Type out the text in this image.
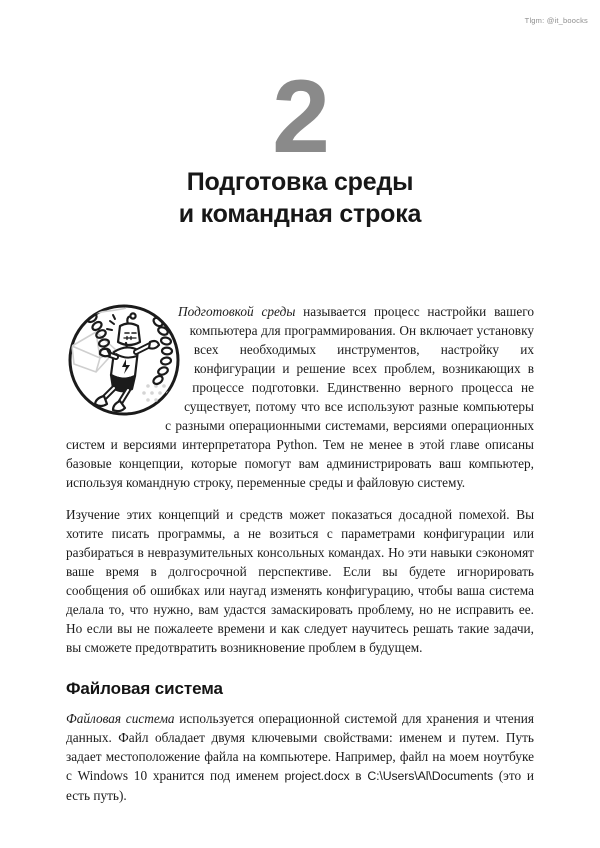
Tlgm: @it_boocks
2
Подготовка среды
и командная строка

Подготовкой среды называется процесс настройки вашего компьютера для программирования. Он включает установку всех необходимых инструментов, настройку их конфигурации и решение всех проблем, возникающих в процессе подготовки. Единственно верного процесса не существует, потому что все используют разные компьютеры с разными операционными системами, версиями операционных систем и версиями интерпретатора Python. Тем не менее в этой главе описаны базовые концепции, которые помогут вам администрировать ваш компьютер, используя командную строку, переменные среды и файловую систему.

Изучение этих концепций и средств может показаться досадной помехой. Вы хотите писать программы, а не возиться с параметрами конфигурации или разбираться в невразумительных консольных командах. Но эти навыки сэкономят ваше время в долгосрочной перспективе. Если вы будете игнорировать сообщения об ошибках или наугад изменять конфигурацию, чтобы ваша система делала то, что нужно, вам удастся замаскировать проблему, но не исправить ее. Но если вы не пожалеете времени и как следует научитесь решать такие задачи, вы сможете предотвратить возникновение проблем в будущем.

Файловая система

Файловая система используется операционной системой для хранения и чтения данных. Файл обладает двумя ключевыми свойствами: именем и путем. Путь задает местоположение файла на компьютере. Например, файл на моем ноутбуке с Windows 10 хранится под именем project.docx в C:\Users\Al\Documents (это и есть путь).
